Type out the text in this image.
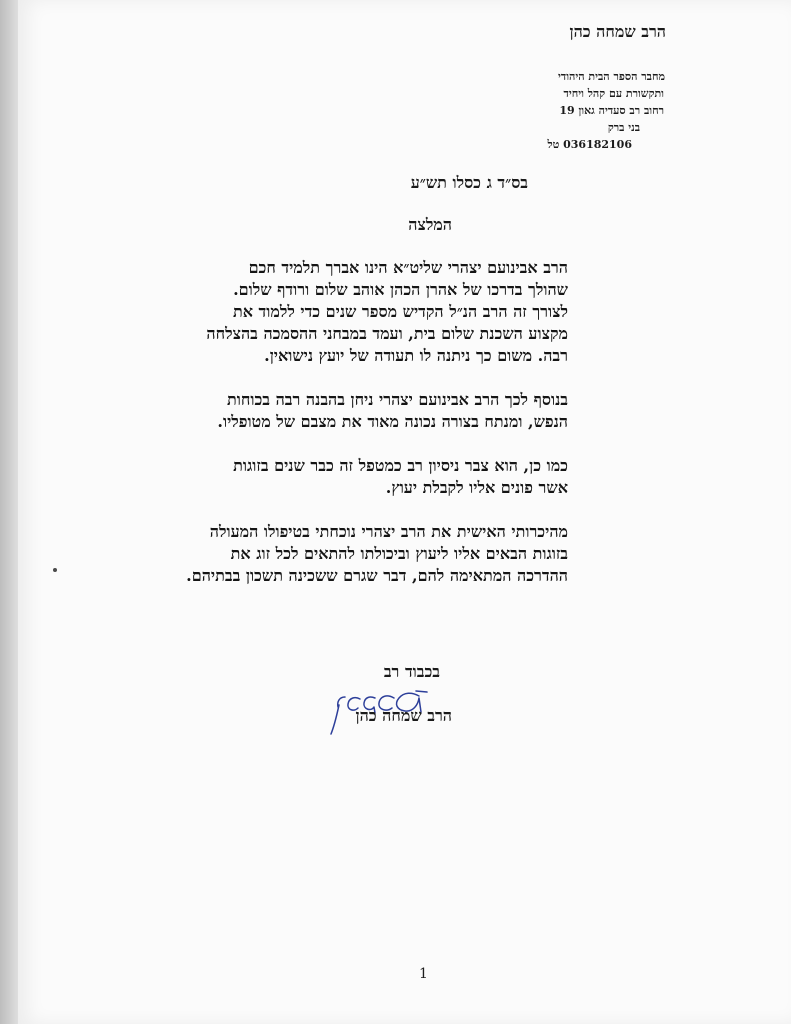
הרב שמחה כהן

מחבר הספר הבית היהודי

ותקשורת עם קהל ויחיד

רחוב רב סעדיה גאון 19

בני ברק

036182106 טל

בס״ד ג כסלו תש״ע
המלצה

הרב אבינועם יצהרי שליט״א הינו אברך תלמיד חכם
שהולך בדרכו של אהרן הכהן אוהב שלום ורודף שלום.
לצורך זה הרב הנ״ל הקדיש מספר שנים כדי ללמוד את
מקצוע השכנת שלום בית, ועמד במבחני ההסמכה בהצלחה
רבה. משום כך ניתנה לו תעודה של יועץ נישואין.

בנוסף לכך הרב אבינועם יצהרי ניחן בהבנה רבה בכוחות
הנפש, ומנתח בצורה נכונה מאוד את מצבם של מטופליו.

כמו כן, הוא צבר ניסיון רב כמטפל זה כבר שנים בזוגות
אשר פונים אליו לקבלת יעוץ.

מהיכרותי האישית את הרב יצהרי נוכחתי בטיפולו המעולה
בזוגות הבאים אליו ליעוץ וביכולתו להתאים לכל זוג את
ההדרכה המתאימה להם, דבר שגרם ששכינה תשכון בבתיהם.

בכבוד רב
הרב שמחה כהן
1
